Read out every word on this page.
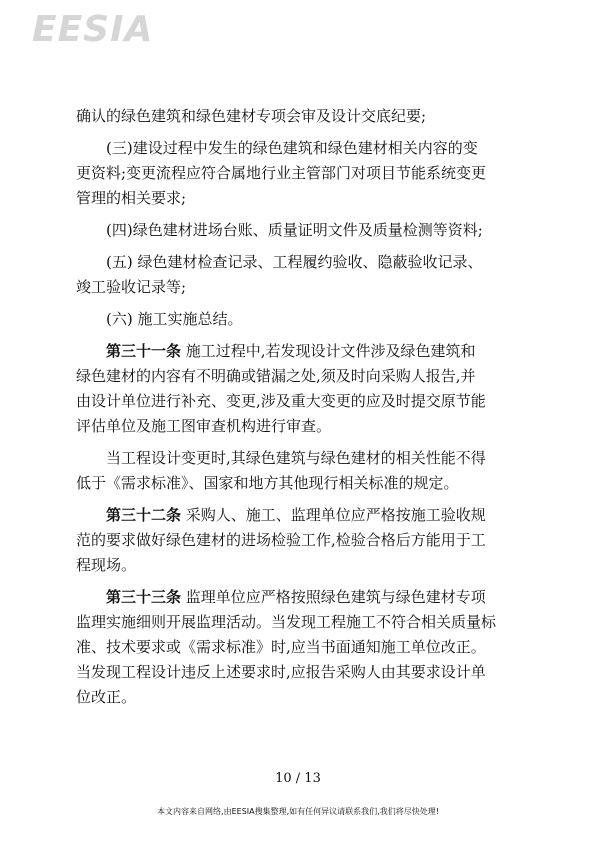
EESIA

确认的绿色建筑和绿色建材专项会审及设计交底纪要;

(三)建设过程中发生的绿色建筑和绿色建材相关内容的变

更资料;变更流程应符合属地行业主管部门对项目节能系统变更
管理的相关要求;

(四)绿色建材进场台账、质量证明文件及质量检测等资料;

(五) 绿色建材检查记录、工程履约验收、隐蔽验收记录、

竣工验收记录等;

(六) 施工实施总结。

第三十一条 施工过程中,若发现设计文件涉及绿色建筑和

绿色建材的内容有不明确或错漏之处,须及时向采购人报告,并
由设计单位进行补充、变更,涉及重大变更的应及时提交原节能
评估单位及施工图审查机构进行审查。

当工程设计变更时,其绿色建筑与绿色建材的相关性能不得

低于《需求标准》、国家和地方其他现行相关标准的规定。

第三十二条 采购人、施工、监理单位应严格按施工验收规

范的要求做好绿色建材的进场检验工作,检验合格后方能用于工
程现场。

第三十三条 监理单位应严格按照绿色建筑与绿色建材专项

监理实施细则开展监理活动。当发现工程施工不符合相关质量标
准、技术要求或《需求标准》时,应当书面通知施工单位改正。
当发现工程设计违反上述要求时,应报告采购人由其要求设计单
位改正。

10 / 13
本文内容来自网络,由EESIA搜集整理,如有任何异议请联系我们,我们将尽快处理!
